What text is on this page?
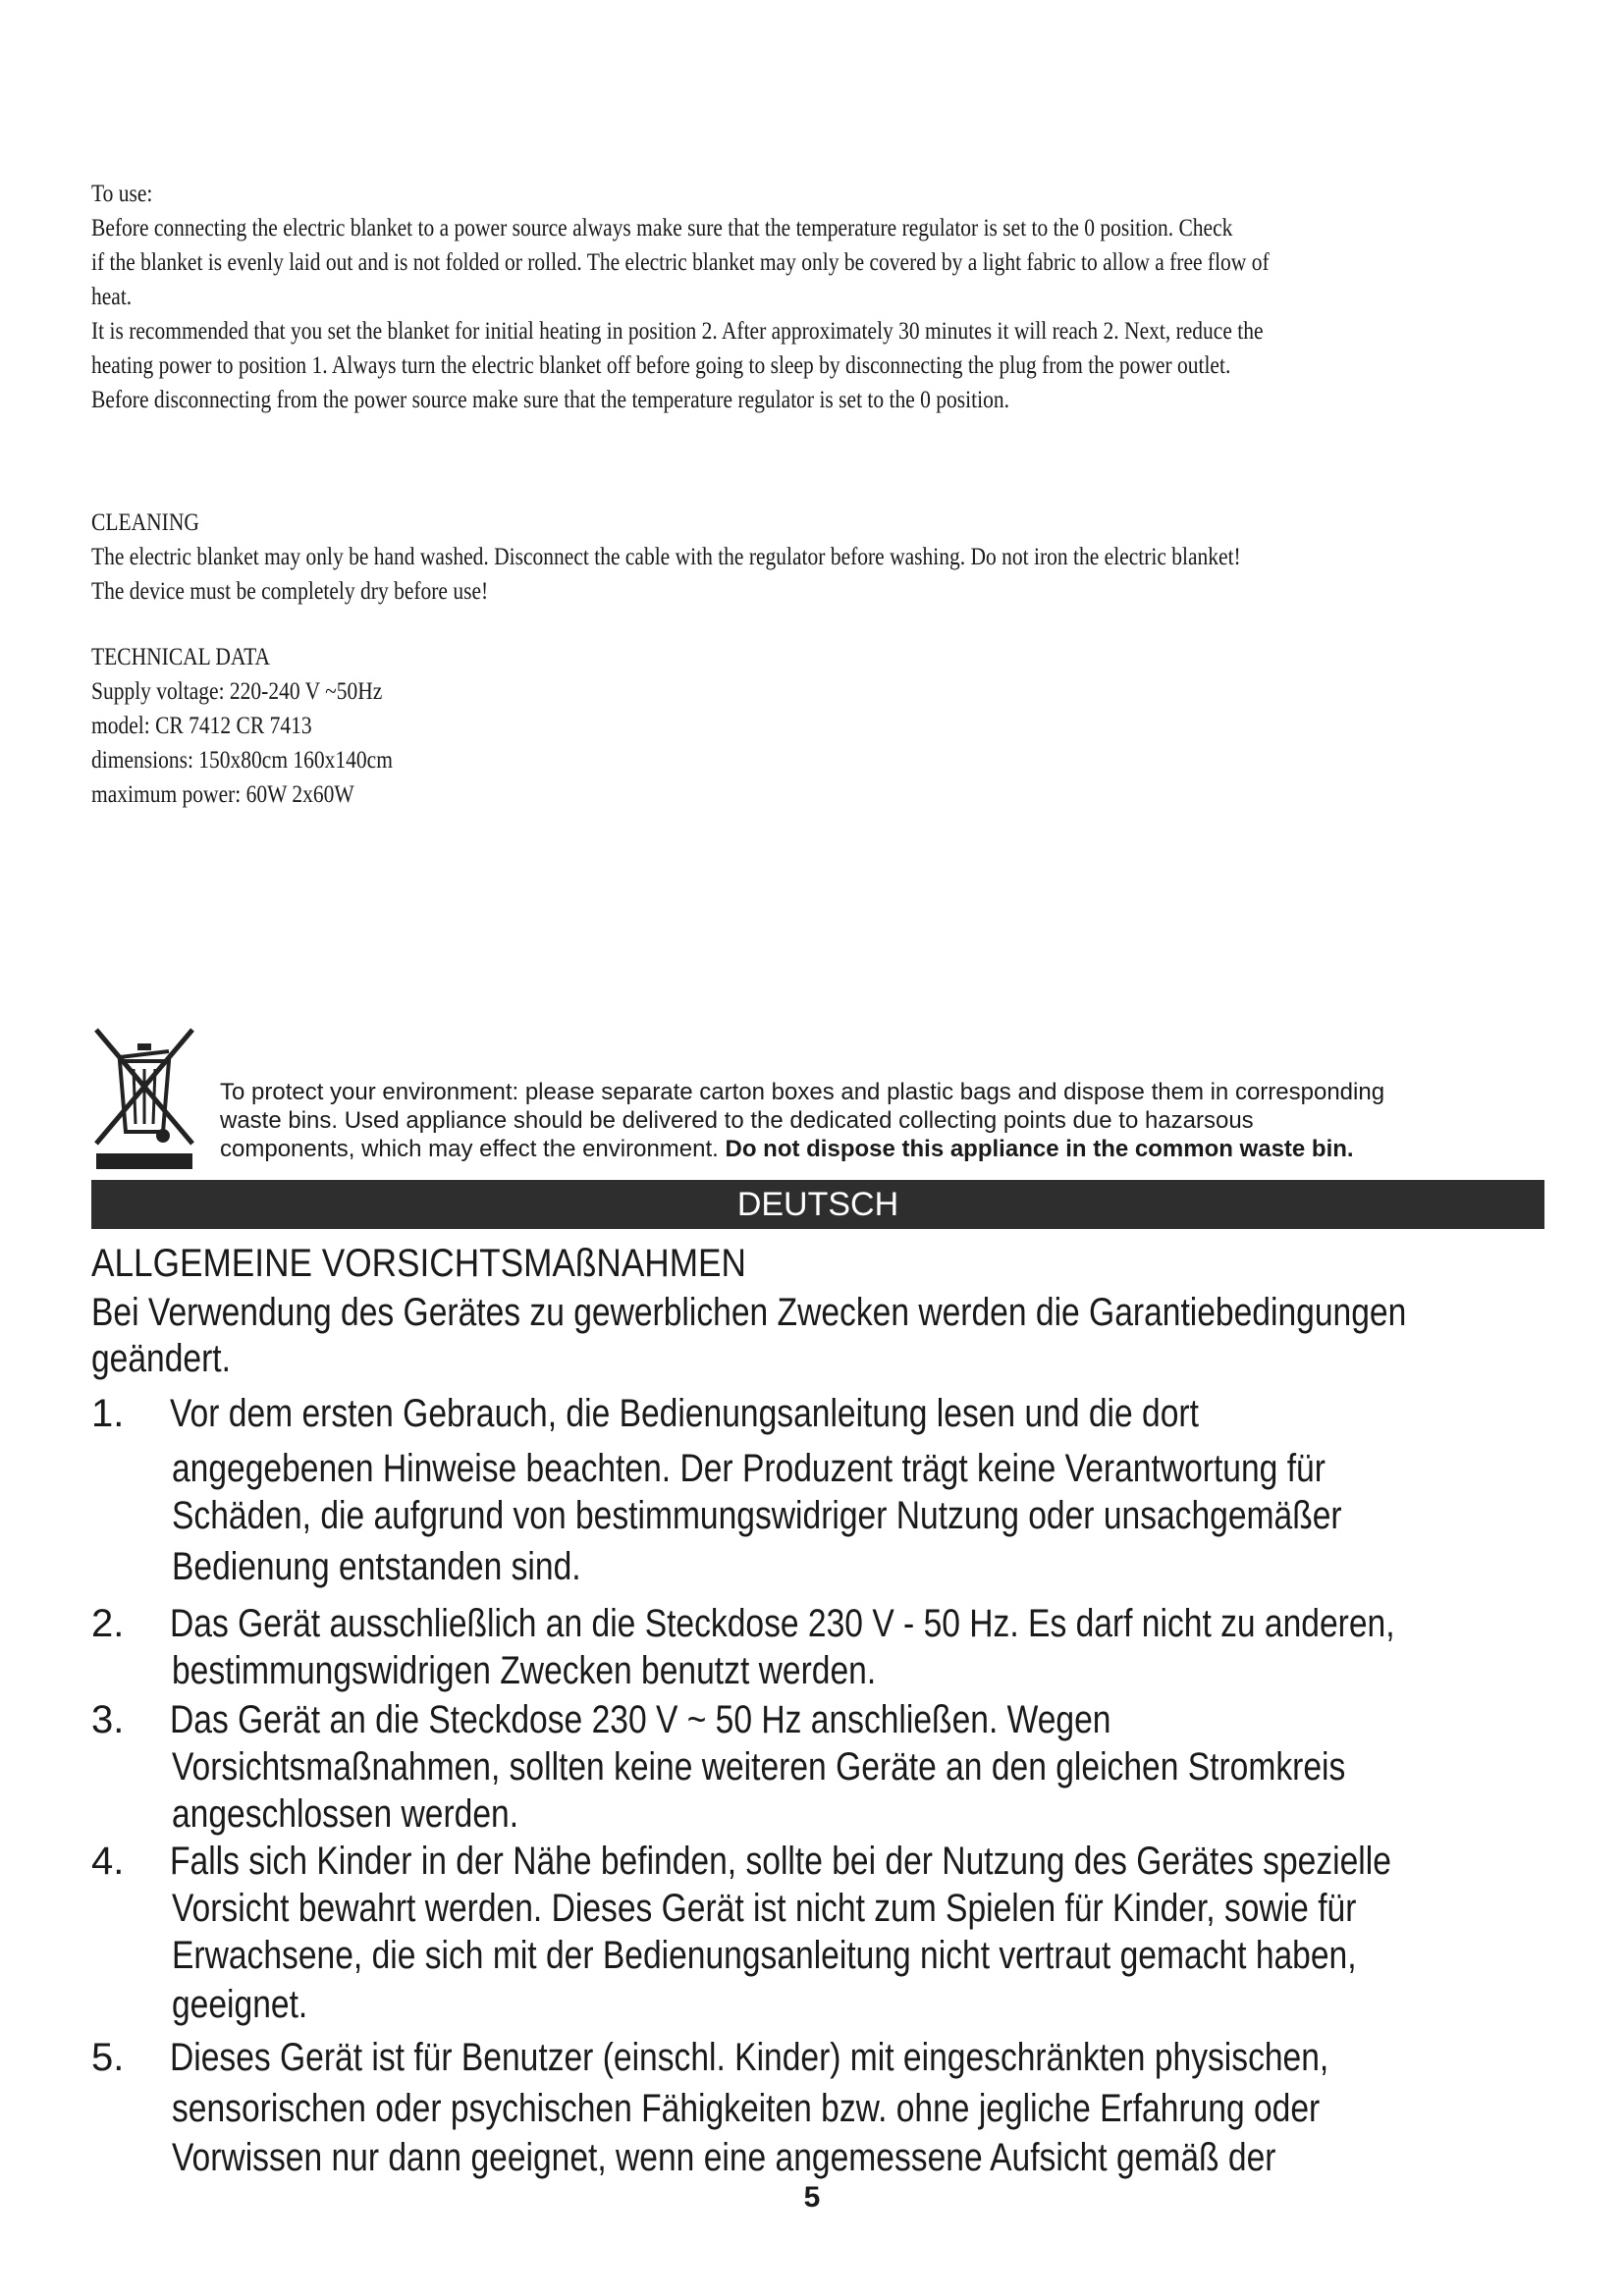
To use:

Before connecting the electric blanket to a power source always make sure that the temperature regulator is set to the 0 position. Check

if the blanket is evenly laid out and is not folded or rolled. The electric blanket may only be covered by a light fabric to allow a free flow of

heat.

It is recommended that you set the blanket for initial heating in position 2. After approximately 30 minutes it will reach 2. Next, reduce the

heating power to position 1. Always turn the electric blanket off before going to sleep by disconnecting the plug from the power outlet.

Before disconnecting from the power source make sure that the temperature regulator is set to the 0 position.

CLEANING

The electric blanket may only be hand washed. Disconnect the cable with the regulator before washing. Do not iron the electric blanket!

The device must be completely dry before use!

TECHNICAL DATA

Supply voltage: 220-240 V ~50Hz

model: CR 7412 CR 7413

dimensions: 150x80cm 160x140cm

maximum power: 60W 2x60W

To protect your environment: please separate carton boxes and plastic bags and dispose them in corresponding

waste bins. Used appliance should be delivered to the dedicated collecting points due to hazarsous

components, which may effect the environment. Do not dispose this appliance in the common waste bin.

DEUTSCH
ALLGEMEINE VORSICHTSMAßNAHMEN
Bei Verwendung des Gerätes zu gewerblichen Zwecken werden die Garantiebedingungen
geändert.
1. Vor dem ersten Gebrauch, die Bedienungsanleitung lesen und die dort
angegebenen Hinweise beachten. Der Produzent trägt keine Verantwortung für
Schäden, die aufgrund von bestimmungswidriger Nutzung oder unsachgemäßer
Bedienung entstanden sind.
2. Das Gerät ausschließlich an die Steckdose 230 V - 50 Hz. Es darf nicht zu anderen,
bestimmungswidrigen Zwecken benutzt werden.
3. Das Gerät an die Steckdose 230 V ~ 50 Hz anschließen. Wegen
Vorsichtsmaßnahmen, sollten keine weiteren Geräte an den gleichen Stromkreis
angeschlossen werden.
4. Falls sich Kinder in der Nähe befinden, sollte bei der Nutzung des Gerätes spezielle
Vorsicht bewahrt werden. Dieses Gerät ist nicht zum Spielen für Kinder, sowie für
Erwachsene, die sich mit der Bedienungsanleitung nicht vertraut gemacht haben,
geeignet.
5. Dieses Gerät ist für Benutzer (einschl. Kinder) mit eingeschränkten physischen,
sensorischen oder psychischen Fähigkeiten bzw. ohne jegliche Erfahrung oder
Vorwissen nur dann geeignet, wenn eine angemessene Aufsicht gemäß der
5
